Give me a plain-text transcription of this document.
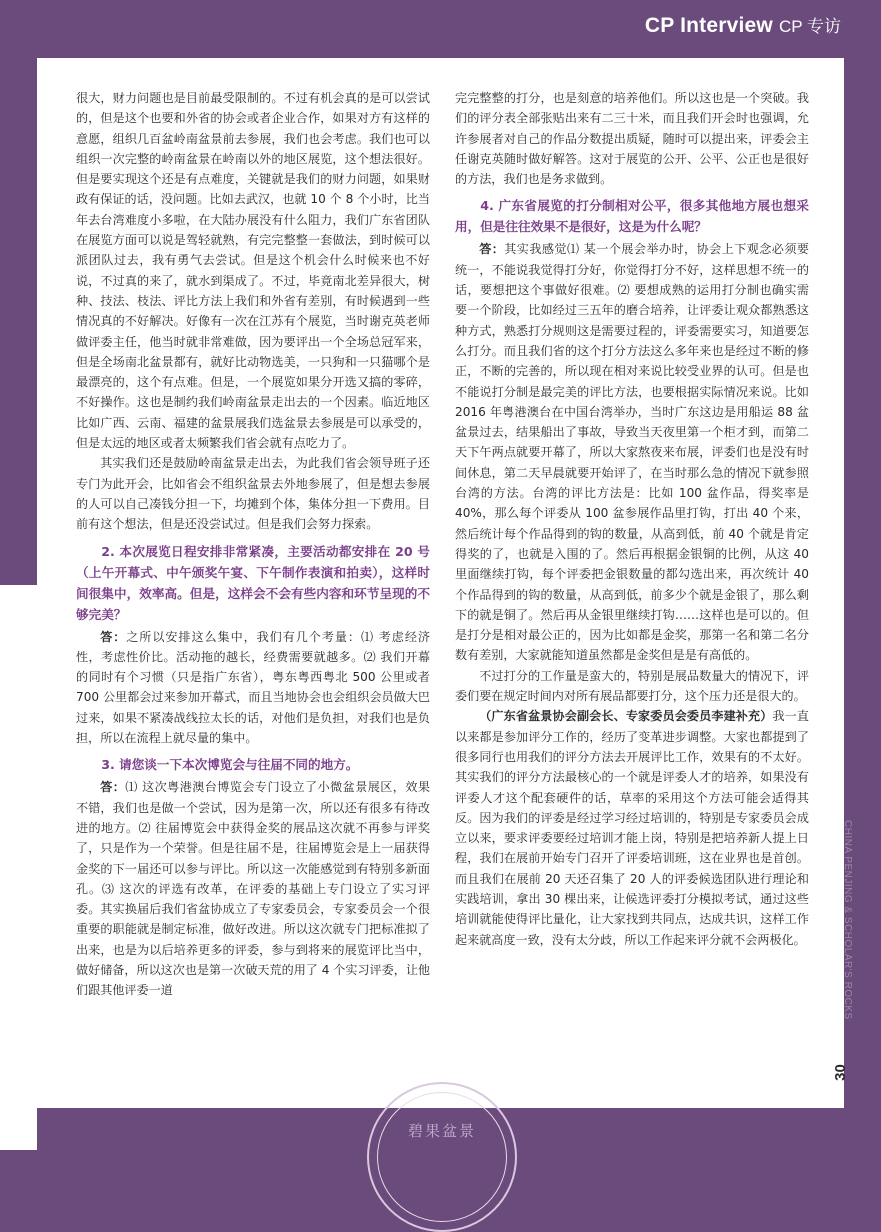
CP Interview CP 专访

很大，财力问题也是目前最受限制的。不过有机会真的是可以尝试的，但是这个也要和外省的协会或者企业合作，如果对方有这样的意愿，组织几百盆岭南盆景前去参展，我们也会考虑。我们也可以组织一次完整的岭南盆景在岭南以外的地区展览，这个想法很好。但是要实现这个还是有点难度，关键就是我们的财力问题，如果财政有保证的话，没问题。比如去武汉，也就 10 个 8 个小时，比当年去台湾难度小多啦，在大陆办展没有什么阻力，我们广东省团队在展览方面可以说是驾轻就熟，有完完整整一套做法，到时候可以派团队过去，我有勇气去尝试。但是这个机会什么时候来也不好说，不过真的来了，就水到渠成了。不过，毕竟南北差异很大，树种、技法、枝法、评比方法上我们和外省有差别，有时候遇到一些情况真的不好解决。好像有一次在江苏有个展览，当时谢克英老师做评委主任，他当时就非常难做，因为要评出一个全场总冠军来，但是全场南北盆景都有，就好比动物选美，一只狗和一只猫哪个是最漂亮的，这个有点难。但是，一个展览如果分开选又搞的零碎，不好操作。这也是制约我们岭南盆景走出去的一个因素。临近地区比如广西、云南、福建的盆景展我们选盆景去参展是可以承受的，但是太远的地区或者太频繁我们省会就有点吃力了。

其实我们还是鼓励岭南盆景走出去，为此我们省会领导班子还专门为此开会，比如省会不组织盆景去外地参展了，但是想去参展的人可以自己凑钱分担一下，均摊到个体，集体分担一下费用。目前有这个想法，但是还没尝试过。但是我们会努力探索。

2. 本次展览日程安排非常紧凑，主要活动都安排在 20 号（上午开幕式、中午颁奖午宴、下午制作表演和拍卖），这样时间很集中，效率高。但是，这样会不会有些内容和环节呈现的不够完美？

答：之所以安排这么集中，我们有几个考量：⑴ 考虑经济性，考虑性价比。活动拖的越长，经费需要就越多。⑵ 我们开幕的同时有个习惯（只是指广东省），粤东粤西粤北 500 公里或者 700 公里都会过来参加开幕式，而且当地协会也会组织会员做大巴过来，如果不紧凑战线拉太长的话，对他们是负担，对我们也是负担，所以在流程上就尽量的集中。

3. 请您谈一下本次博览会与往届不同的地方。

答：⑴ 这次粤港澳台博览会专门设立了小微盆景展区，效果不错，我们也是做一个尝试，因为是第一次，所以还有很多有待改进的地方。⑵ 往届博览会中获得金奖的展品这次就不再参与评奖了，只是作为一个荣誉。但是往届不是，往届博览会是上一届获得金奖的下一届还可以参与评比。所以这一次能感觉到有特别多新面孔。⑶ 这次的评选有改革，在评委的基础上专门设立了实习评委。其实换届后我们省盆协成立了专家委员会，专家委员会一个很重要的职能就是制定标准，做好改进。所以这次就专门把标准拟了出来，也是为以后培养更多的评委，参与到将来的展览评比当中，做好储备，所以这次也是第一次破天荒的用了 4 个实习评委，让他们跟其他评委一道

完完整整的打分，也是刻意的培养他们。所以这也是一个突破。我们的评分表全部张贴出来有二三十米，而且我们开会时也强调，允许参展者对自己的作品分数提出质疑，随时可以提出来，评委会主任谢克英随时做好解答。这对于展览的公开、公平、公正也是很好的方法，我们也是务求做到。

4. 广东省展览的打分制相对公平，很多其他地方展也想采用，但是往往效果不是很好，这是为什么呢？

答：其实我感觉⑴ 某一个展会举办时，协会上下观念必须要统一，不能说我觉得打分好，你觉得打分不好，这样思想不统一的话，要想把这个事做好很难。⑵ 要想成熟的运用打分制也确实需要一个阶段，比如经过三五年的磨合培养，让评委让观众都熟悉这种方式，熟悉打分规则这是需要过程的，评委需要实习，知道要怎么打分。而且我们省的这个打分方法这么多年来也是经过不断的修正，不断的完善的，所以现在相对来说比较受业界的认可。但是也不能说打分制是最完美的评比方法，也要根据实际情况来说。比如 2016 年粤港澳台在中国台湾举办，当时广东这边是用船运 88 盆盆景过去，结果船出了事故，导致当天夜里第一个柜才到，而第二天下午两点就要开幕了，所以大家熬夜来布展，评委们也是没有时间休息，第二天早晨就要开始评了，在当时那么急的情况下就参照台湾的方法。台湾的评比方法是：比如 100 盆作品，得奖率是 40%，那么每个评委从 100 盆参展作品里打钩，打出 40 个来，然后统计每个作品得到的钩的数量，从高到低，前 40 个就是肯定得奖的了，也就是入围的了。然后再根据金银铜的比例，从这 40 里面继续打钩，每个评委把金银数量的都勾选出来，再次统计 40 个作品得到的钩的数量，从高到低，前多少个就是金银了，那么剩下的就是铜了。然后再从金银里继续打钩……这样也是可以的。但是打分是相对最公正的，因为比如都是金奖，那第一名和第二名分数有差别，大家就能知道虽然都是金奖但是是有高低的。

不过打分的工作量是蛮大的，特别是展品数量大的情况下，评委们要在规定时间内对所有展品都要打分，这个压力还是很大的。

（广东省盆景协会副会长、专家委员会委员李建补充）我一直以来都是参加评分工作的，经历了变革进步调整。大家也都提到了很多同行也用我们的评分方法去开展评比工作，效果有的不太好。其实我们的评分方法最核心的一个就是评委人才的培养，如果没有评委人才这个配套硬件的话，草率的采用这个方法可能会适得其反。因为我们的评委是经过学习经过培训的，特别是专家委员会成立以来，要求评委要经过培训才能上岗，特别是把培养新人提上日程，我们在展前开始专门召开了评委培训班，这在业界也是首创。而且我们在展前 20 天还召集了 20 人的评委候选团队进行理论和实践培训，拿出 30 棵出来，让候选评委打分模拟考试，通过这些培训就能使得评比量化，让大家找到共同点，达成共识，这样工作起来就高度一致，没有太分歧，所以工作起来评分就不会两极化。	CHINA PENJING & SCHOLAR'S ROCKS
30
碧果盆景
